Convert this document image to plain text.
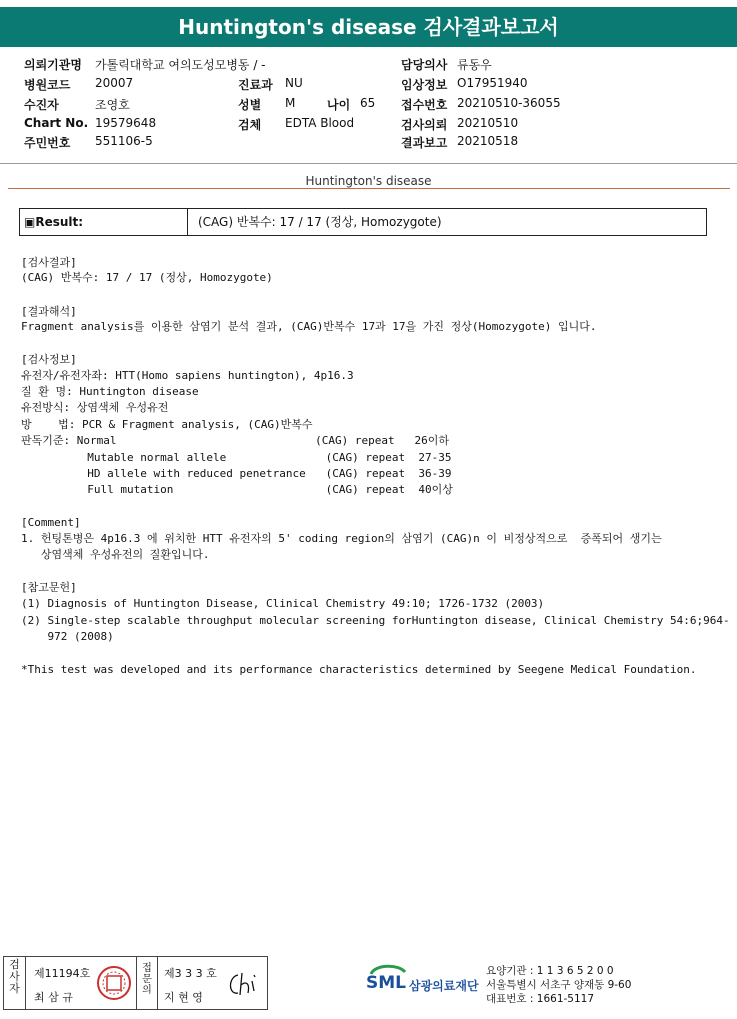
Huntington's disease 검사결과보고서
의뢰기관명 가톨릭대학교 여의도성모병동 / -
병원코드 20007
수진자	조영호
Chart No. 19579648
주민번호 551106-5
진료과 NU
성별 M	나이 65
검체 EDTA Blood
담당의사 류동우
임상정보 O17951940
접수번호 20210510-36055
검사의뢰 20210510
결과보고 20210518
Huntington's disease
▣Result:	(CAG) 반복수: 17 / 17 (정상, Homozygote)
[검사결과]
(CAG) 반복수: 17 / 17 (정상, Homozygote)
[결과해석]
Fragment analysis를 이용한 삼염기 분석 결과, (CAG)반복수 17과 17을 가진 정상(Homozygote) 입니다.
[검사정보]
유전자/유전자좌: HTT(Homo sapiens huntington), 4p16.3
질 환 명: Huntington disease
유전방식: 상염색체 우성유전
방    법: PCR & Fragment analysis, (CAG)반복수
판독기준: Normal                              (CAG) repeat   26이하
Mutable normal allele               (CAG) repeat  27-35
HD allele with reduced penetrance   (CAG) repeat  36-39
Full mutation                       (CAG) repeat  40이상
[Comment]
1. 헌팅톤병은 4p16.3 에 위치한 HTT 유전자의 5' coding region의 삼염기 (CAG)n 이 비정상적으로  증폭되어 생기는
상염색체 우성유전의 질환입니다.
[참고문헌]
(1) Diagnosis of Huntington Disease, Clinical Chemistry 49:10; 1726-1732 (2003)
(2) Single-step scalable throughput molecular screening forHuntington disease, Clinical Chemistry 54:6;964-
972 (2008)
*This test was developed and its performance characteristics determined by Seegene Medical Foundation.
검사자
제11194호
최 삼 규
접
문
의
제3 3 3 호
지 현 영
SML 삼광의료재단
요양기관 : 1 1 3 6 5 2 0 0
서울특별시 서초구 양재동 9-60
대표번호 : 1661-5117
